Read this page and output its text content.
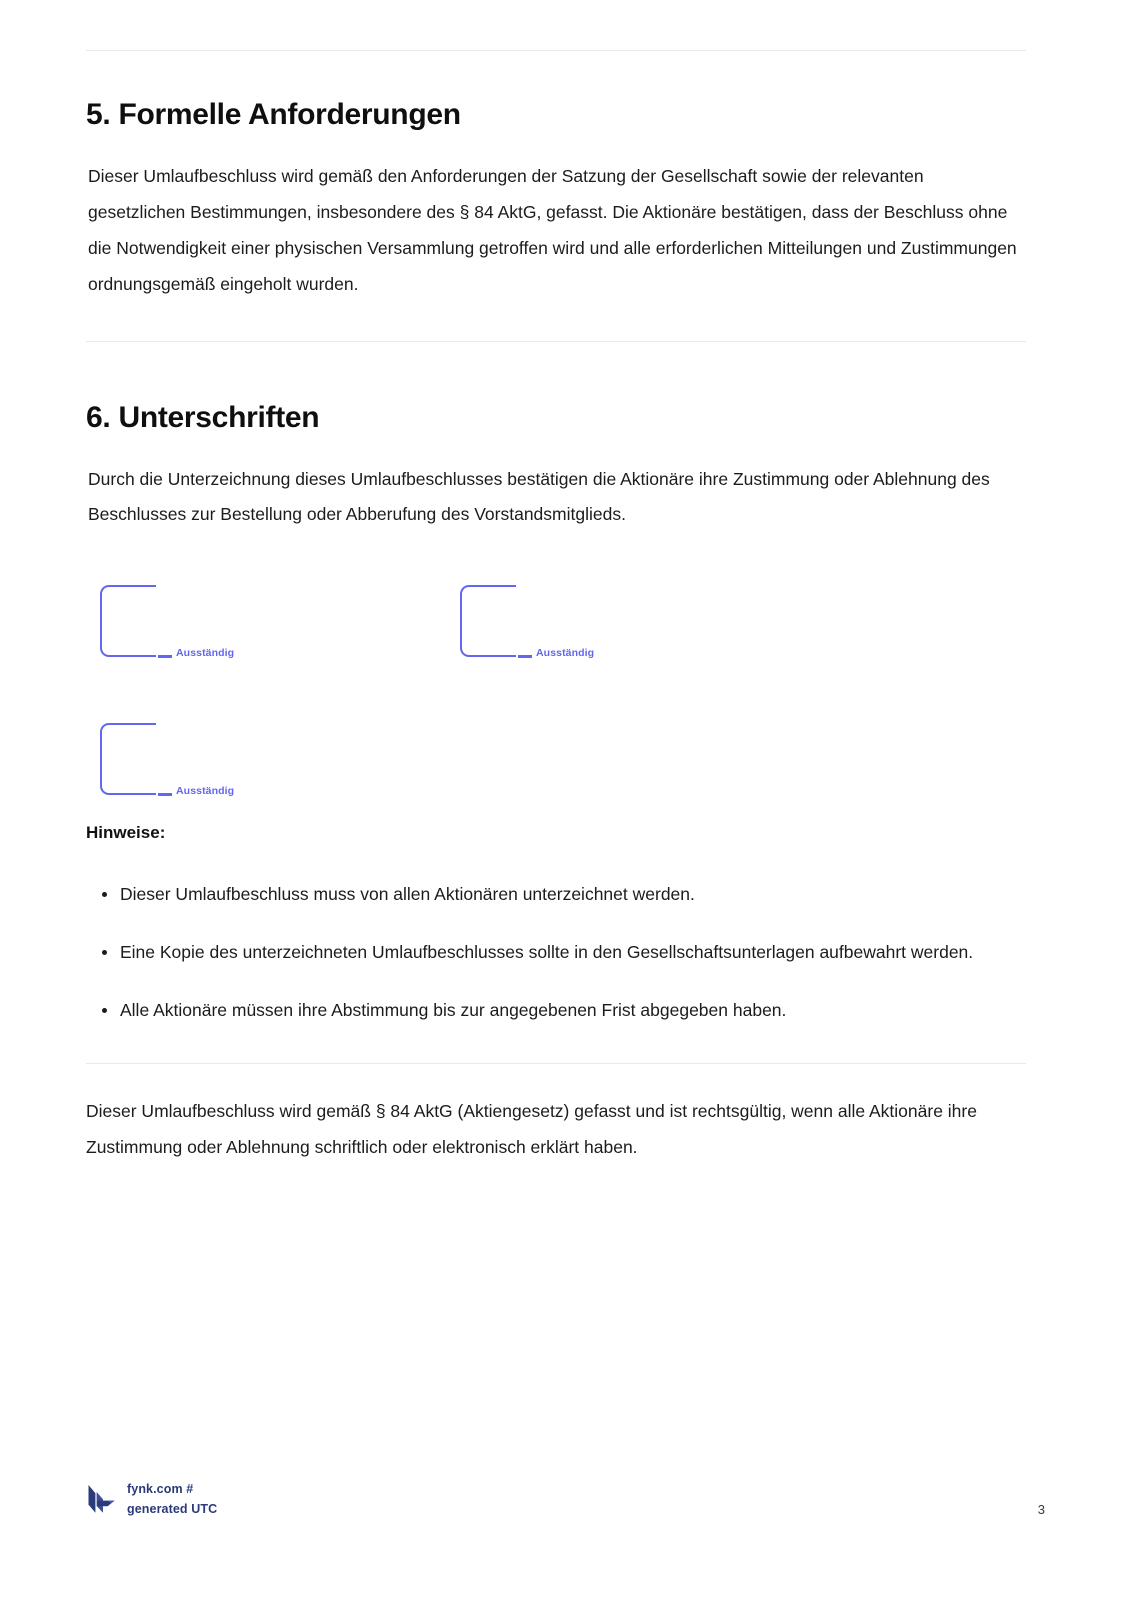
5. Formelle Anforderungen

Dieser Umlaufbeschluss wird gemäß den Anforderungen der Satzung der Gesellschaft sowie der relevanten gesetzlichen Bestimmungen, insbesondere des § 84 AktG, gefasst. Die Aktionäre bestätigen, dass der Beschluss ohne die Notwendigkeit einer physischen Versammlung getroffen wird und alle erforderlichen Mitteilungen und Zustimmungen ordnungsgemäß eingeholt wurden.

6. Unterschriften

Durch die Unterzeichnung dieses Umlaufbeschlusses bestätigen die Aktionäre ihre Zustimmung oder Ablehnung des Beschlusses zur Bestellung oder Abberufung des Vorstandsmitglieds.

Ausständig	Ausständig
Ausständig
Hinweise:
Dieser Umlaufbeschluss muss von allen Aktionären unterzeichnet werden.
Eine Kopie des unterzeichneten Umlaufbeschlusses sollte in den Gesellschaftsunterlagen aufbewahrt werden.
Alle Aktionäre müssen ihre Abstimmung bis zur angegebenen Frist abgegeben haben.

Dieser Umlaufbeschluss wird gemäß § 84 AktG (Aktiengesetz) gefasst und ist rechtsgültig, wenn alle Aktionäre ihre Zustimmung oder Ablehnung schriftlich oder elektronisch erklärt haben.

fynk.com #
generated UTC	3
